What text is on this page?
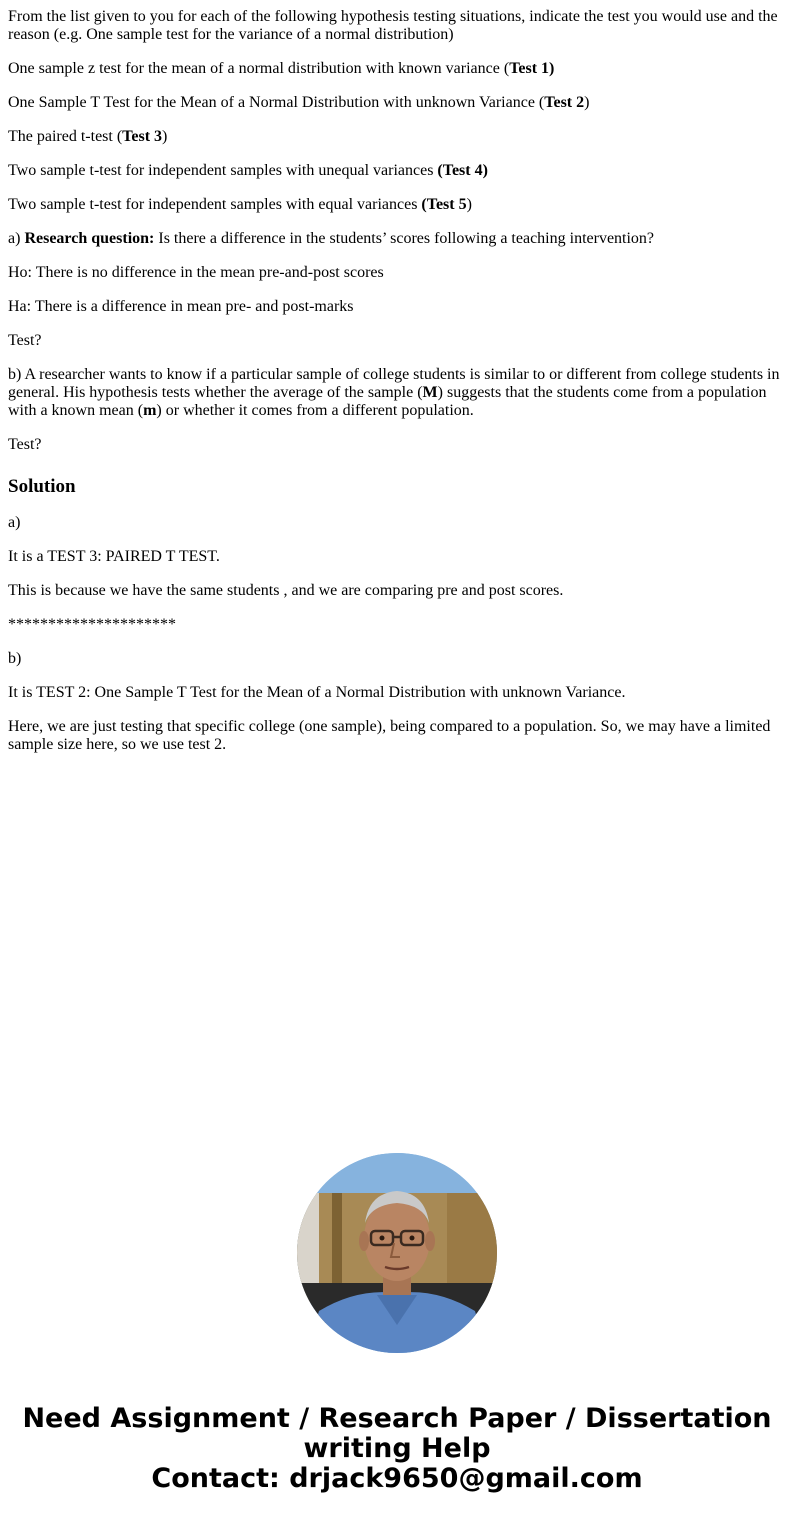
From the list given to you for each of the following hypothesis testing situations, indicate the test you would use and the reason (e.g. One sample test for the variance of a normal distribution)

One sample z test for the mean of a normal distribution with known variance (Test 1)

One Sample T Test for the Mean of a Normal Distribution with unknown Variance (Test 2)

The paired t-test (Test 3)

Two sample t-test for independent samples with unequal variances (Test 4)

Two sample t-test for independent samples with equal variances (Test 5)

a) Research question: Is there a difference in the students’ scores following a teaching intervention?

Ho: There is no difference in the mean pre-and-post scores

Ha: There is a difference in mean pre- and post-marks

Test?

b) A researcher wants to know if a particular sample of college students is similar to or different from college students in general. His hypothesis tests whether the average of the sample (M) suggests that the students come from a population with a known mean (m) or whether it comes from a different population.

Test?

Solution

a)

It is a TEST 3: PAIRED T TEST.

This is because we have the same students , and we are comparing pre and post scores.

*********************

b)

It is TEST 2: One Sample T Test for the Mean of a Normal Distribution with unknown Variance.

Here, we are just testing that specific college (one sample), being compared to a population. So, we may have a limited sample size here, so we use test 2.

Need Assignment / Research Paper / Dissertation
writing Help
Contact: drjack9650@gmail.com
